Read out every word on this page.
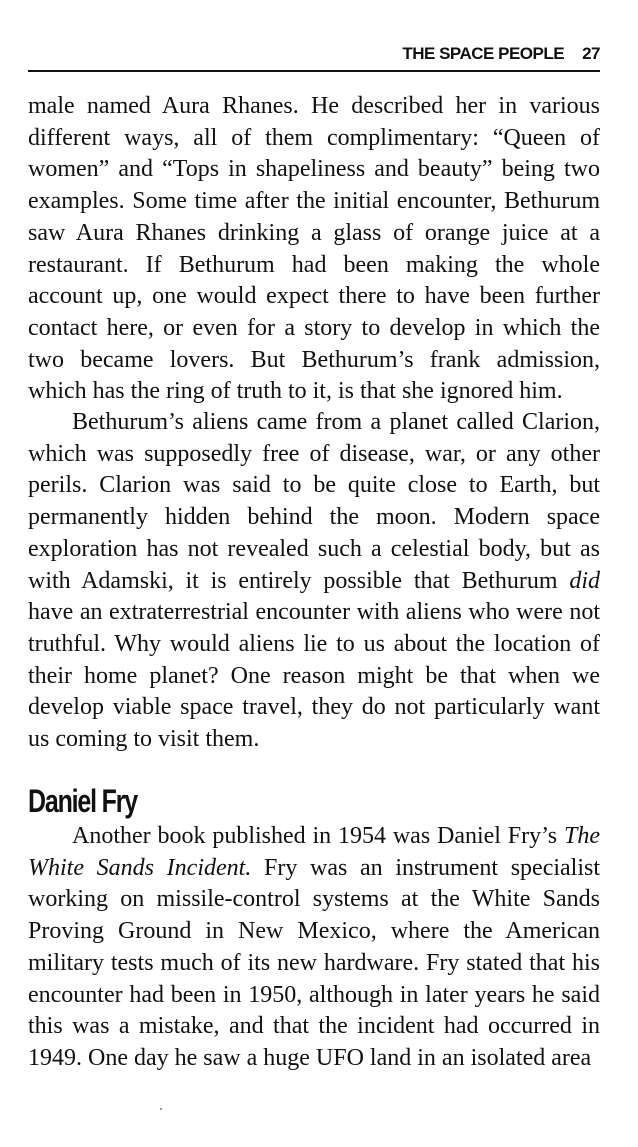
THE SPACE PEOPLE 27

male named Aura Rhanes. He described her in various different ways, all of them complimentary: “Queen of women” and “Tops in shapeliness and beauty” being two examples. Some time after the initial encounter, Bethurum saw Aura Rhanes drinking a glass of orange juice at a restaurant. If Bethurum had been making the whole account up, one would expect there to have been further contact here, or even for a story to develop in which the two became lovers. But Bethurum’s frank admission, which has the ring of truth to it, is that she ignored him.

Bethurum’s aliens came from a planet called Clarion, which was supposedly free of disease, war, or any other perils. Clarion was said to be quite close to Earth, but permanently hidden behind the moon. Modern space exploration has not revealed such a celestial body, but as with Adamski, it is entirely possible that Bethurum did have an extraterrestrial encounter with aliens who were not truthful. Why would aliens lie to us about the location of their home planet? One reason might be that when we develop viable space travel, they do not particularly want us coming to visit them.

Daniel Fry

Another book published in 1954 was Daniel Fry’s The White Sands Incident. Fry was an instrument specialist working on missile-control systems at the White Sands Proving Ground in New Mexico, where the American military tests much of its new hardware. Fry stated that his encounter had been in 1950, although in later years he said this was a mistake, and that the incident had occurred in 1949. One day he saw a huge UFO land in an isolated area
